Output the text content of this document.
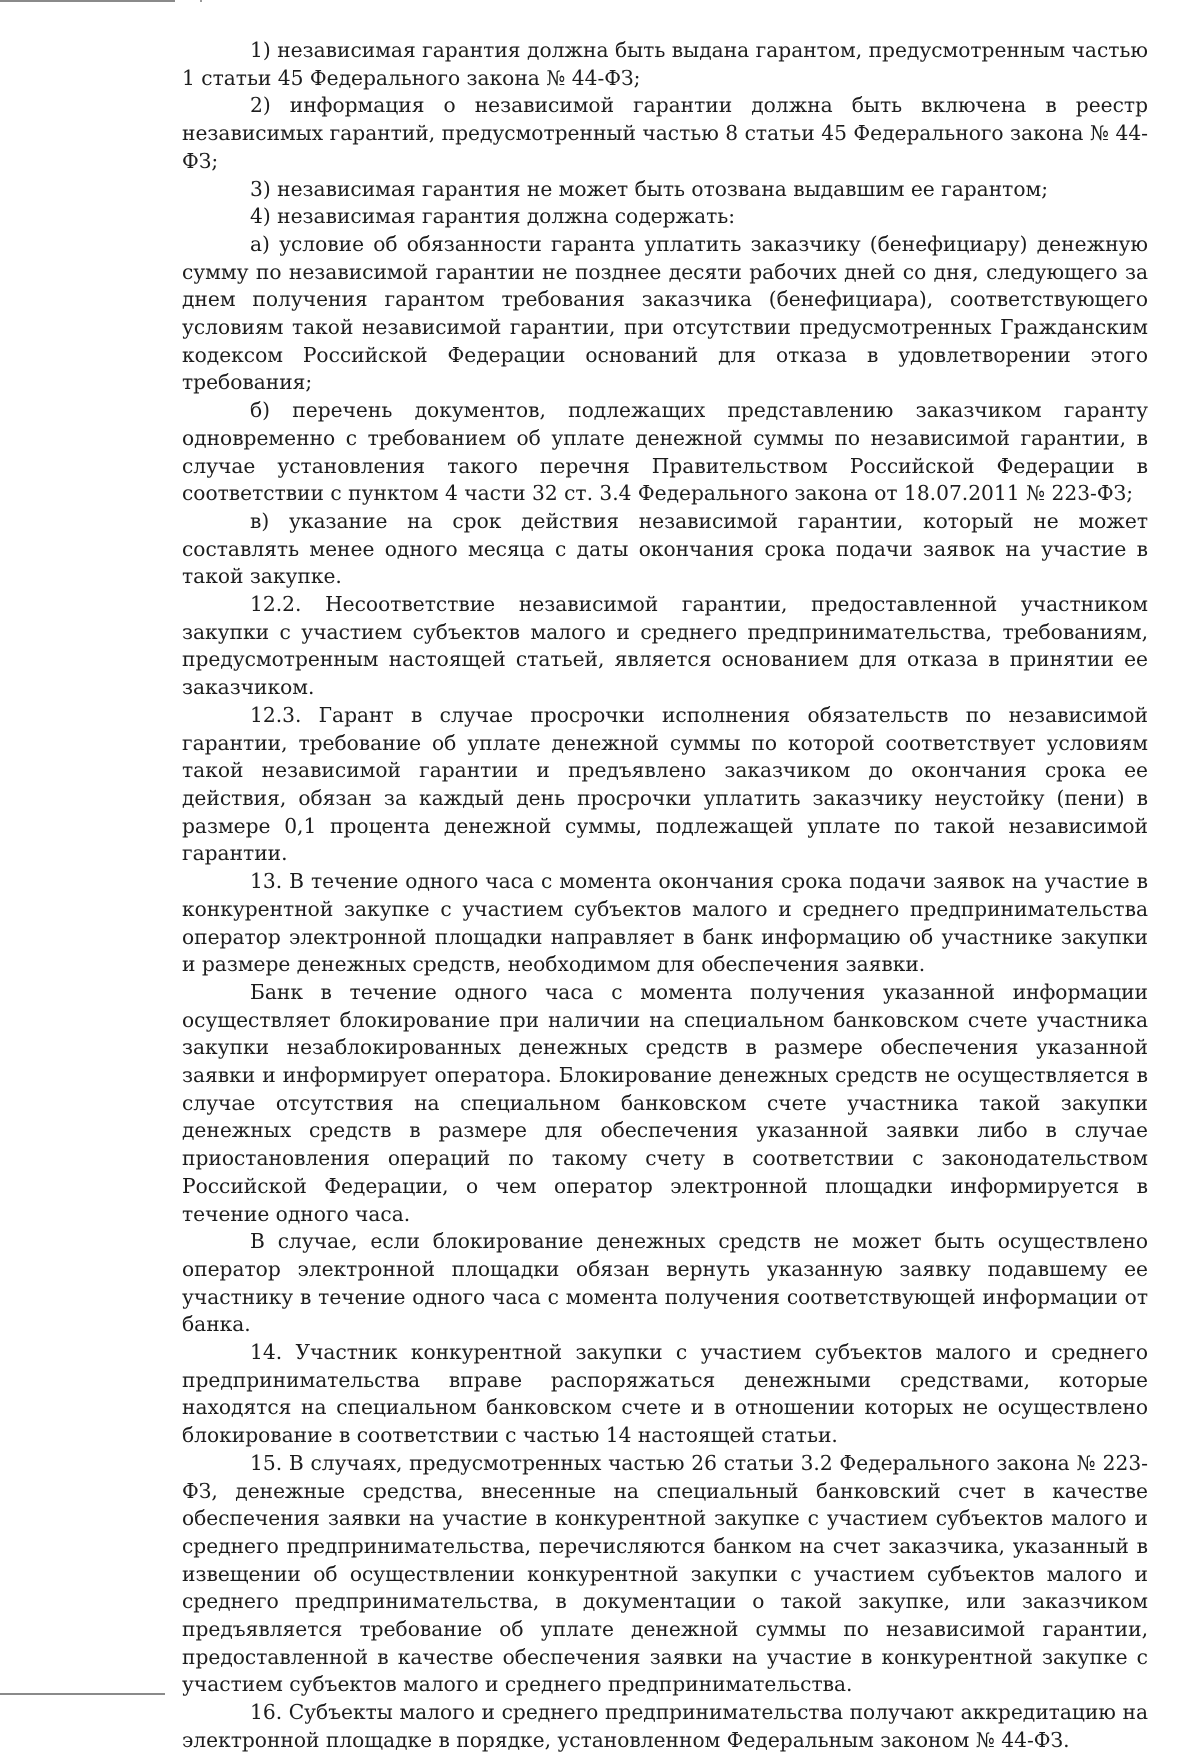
1) независимая гарантия должна быть выдана гарантом, предусмотренным частью 1 статьи 45 Федерального закона № 44-ФЗ;

2) информация о независимой гарантии должна быть включена в реестр независимых гарантий, предусмотренный частью 8 статьи 45 Федерального закона № 44-ФЗ;

3) независимая гарантия не может быть отозвана выдавшим ее гарантом;

4) независимая гарантия должна содержать:

а) условие об обязанности гаранта уплатить заказчику (бенефициару) денежную сумму по независимой гарантии не позднее десяти рабочих дней со дня, следующего за днем получения гарантом требования заказчика (бенефициара), соответствующего условиям такой независимой гарантии, при отсутствии предусмотренных Гражданским кодексом Российской Федерации оснований для отказа в удовлетворении этого требования;

б) перечень документов, подлежащих представлению заказчиком гаранту одновременно с требованием об уплате денежной суммы по независимой гарантии, в случае установления такого перечня Правительством Российской Федерации в соответствии с пунктом 4 части 32 ст. 3.4 Федерального закона от 18.07.2011 № 223-ФЗ;

в) указание на срок действия независимой гарантии, который не может составлять менее одного месяца с даты окончания срока подачи заявок на участие в такой закупке.

12.2. Несоответствие независимой гарантии, предоставленной участником закупки с участием субъектов малого и среднего предпринимательства, требованиям, предусмотренным настоящей статьей, является основанием для отказа в принятии ее заказчиком.

12.3. Гарант в случае просрочки исполнения обязательств по независимой гарантии, требование об уплате денежной суммы по которой соответствует условиям такой независимой гарантии и предъявлено заказчиком до окончания срока ее действия, обязан за каждый день просрочки уплатить заказчику неустойку (пени) в размере 0,1 процента денежной суммы, подлежащей уплате по такой независимой гарантии.

13. В течение одного часа с момента окончания срока подачи заявок на участие в конкурентной закупке с участием субъектов малого и среднего предпринимательства оператор электронной площадки направляет в банк информацию об участнике закупки и размере денежных средств, необходимом для обеспечения заявки.

Банк в течение одного часа с момента получения указанной информации осуществляет блокирование при наличии на специальном банковском счете участника закупки незаблокированных денежных средств в размере обеспечения указанной заявки и информирует оператора. Блокирование денежных средств не осуществляется в случае отсутствия на специальном банковском счете участника такой закупки денежных средств в размере для обеспечения указанной заявки либо в случае приостановления операций по такому счету в соответствии с законодательством Российской Федерации, о чем оператор электронной площадки информируется в течение одного часа.

В случае, если блокирование денежных средств не может быть осуществлено оператор электронной площадки обязан вернуть указанную заявку подавшему ее участнику в течение одного часа с момента получения соответствующей информации от банка.

14. Участник конкурентной закупки с участием субъектов малого и среднего предпринимательства вправе распоряжаться денежными средствами, которые находятся на специальном банковском счете и в отношении которых не осуществлено блокирование в соответствии с частью 14 настоящей статьи.

15. В случаях, предусмотренных частью 26 статьи 3.2 Федерального закона № 223-ФЗ, денежные средства, внесенные на специальный банковский счет в качестве обеспечения заявки на участие в конкурентной закупке с участием субъектов малого и среднего предпринимательства, перечисляются банком на счет заказчика, указанный в извещении об осуществлении конкурентной закупки с участием субъектов малого и среднего предпринимательства, в документации о такой закупке, или заказчиком предъявляется требование об уплате денежной суммы по независимой гарантии, предоставленной в качестве обеспечения заявки на участие в конкурентной закупке с участием субъектов малого и среднего предпринимательства.

16. Субъекты малого и среднего предпринимательства получают аккредитацию на электронной площадке в порядке, установленном Федеральным законом № 44-ФЗ.
